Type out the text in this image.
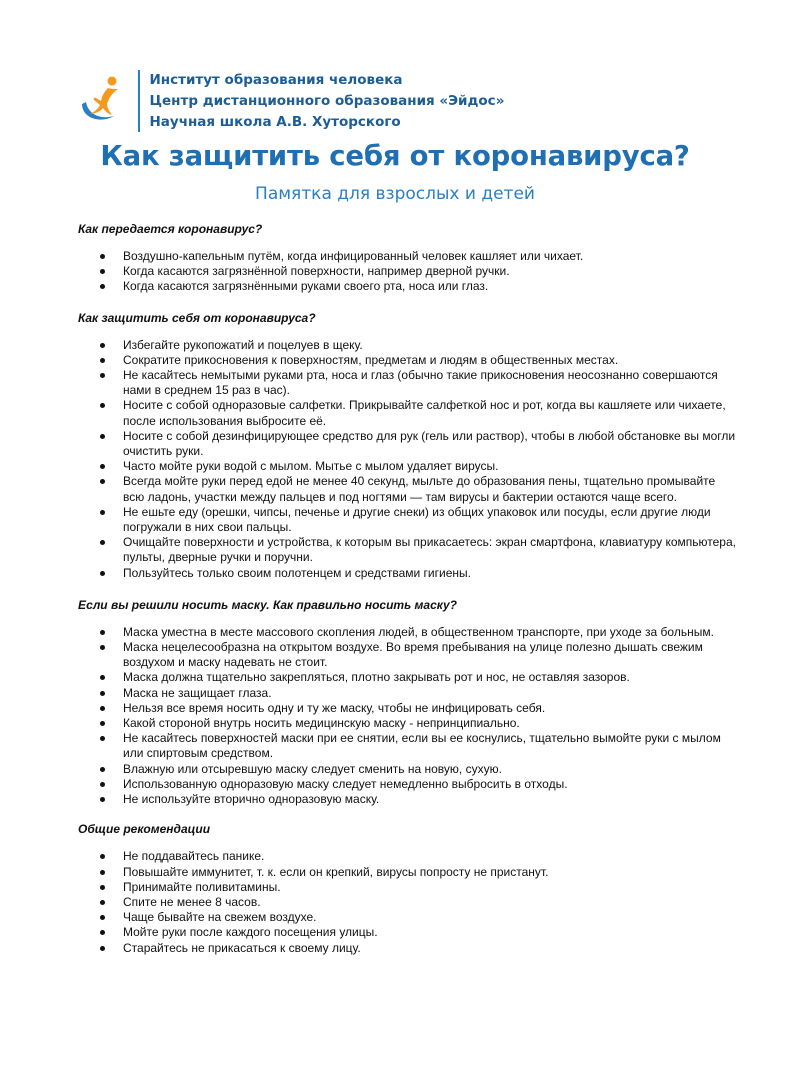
Институт образования человека
Центр дистанционного образования «Эйдос»
Научная школа А.В. Хуторского
Как защитить себя от коронавируса?
Памятка для взрослых и детей
Как передается коронавирус?
Воздушно-капельным путём, когда инфицированный человек кашляет или чихает.
Когда касаются загрязнённой поверхности, например дверной ручки.
Когда касаются загрязнёнными руками своего рта, носа или глаз.
Как защитить себя от коронавируса?
Избегайте рукопожатий и поцелуев в щеку.
Сократите прикосновения к поверхностям, предметам и людям в общественных местах.
Не касайтесь немытыми руками рта, носа и глаз (обычно такие прикосновения неосознанно совершаются нами в среднем 15 раз в час).
Носите с собой одноразовые салфетки. Прикрывайте салфеткой нос и рот, когда вы кашляете или чихаете, после использования выбросите её.
Носите с собой дезинфицирующее средство для рук (гель или раствор), чтобы в любой обстановке вы могли очистить руки.
Часто мойте руки водой с мылом. Мытье с мылом удаляет вирусы.
Всегда мойте руки перед едой не менее 40 секунд, мыльте до образования пены, тщательно промывайте всю ладонь, участки между пальцев и под ногтями — там вирусы и бактерии остаются чаще всего.
Не ешьте еду (орешки, чипсы, печенье и другие снеки) из общих упаковок или посуды, если другие люди погружали в них свои пальцы.
Очищайте поверхности и устройства, к которым вы прикасаетесь: экран смартфона, клавиатуру компьютера, пульты, дверные ручки и поручни.
Пользуйтесь только своим полотенцем и средствами гигиены.
Если вы решили носить маску. Как правильно носить маску?
Маска уместна в месте массового скопления людей, в общественном транспорте, при уходе за больным.
Маска нецелесообразна на открытом воздухе. Во время пребывания на улице полезно дышать свежим воздухом и маску надевать не стоит.
Маска должна тщательно закрепляться, плотно закрывать рот и нос, не оставляя зазоров.
Маска не защищает глаза.
Нельзя все время носить одну и ту же маску, чтобы не инфицировать себя.
Какой стороной внутрь носить медицинскую маску - непринципиально.
Не касайтесь поверхностей маски при ее снятии, если вы ее коснулись, тщательно вымойте руки с мылом или спиртовым средством.
Влажную или отсыревшую маску следует сменить на новую, сухую.
Использованную одноразовую маску следует немедленно выбросить в отходы.
Не используйте вторично одноразовую маску.
Общие рекомендации
Не поддавайтесь панике.
Повышайте иммунитет, т. к. если он крепкий, вирусы попросту не пристанут.
Принимайте поливитамины.
Спите не менее 8 часов.
Чаще бывайте на свежем воздухе.
Мойте руки после каждого посещения улицы.
Старайтесь не прикасаться к своему лицу.
